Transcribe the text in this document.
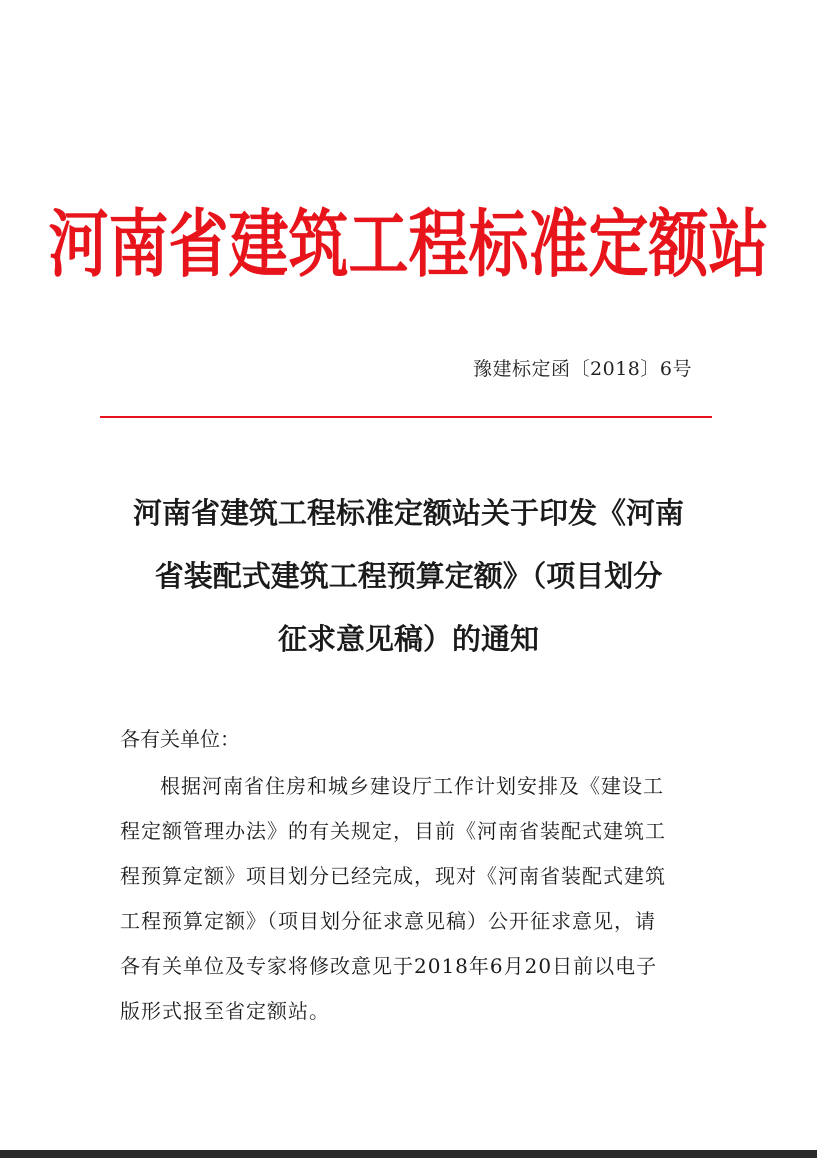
河南省建筑工程标准定额站
豫建标定函〔2018〕6号
河南省建筑工程标准定额站关于印发《河南
省装配式建筑工程预算定额》（项目划分
征求意见稿）的通知
各有关单位：
根据河南省住房和城乡建设厅工作计划安排及《建设工
程定额管理办法》的有关规定，目前《河南省装配式建筑工
程预算定额》项目划分已经完成，现对《河南省装配式建筑
工程预算定额》（项目划分征求意见稿）公开征求意见，请
各有关单位及专家将修改意见于2018年6月20日前以电子
版形式报至省定额站。
